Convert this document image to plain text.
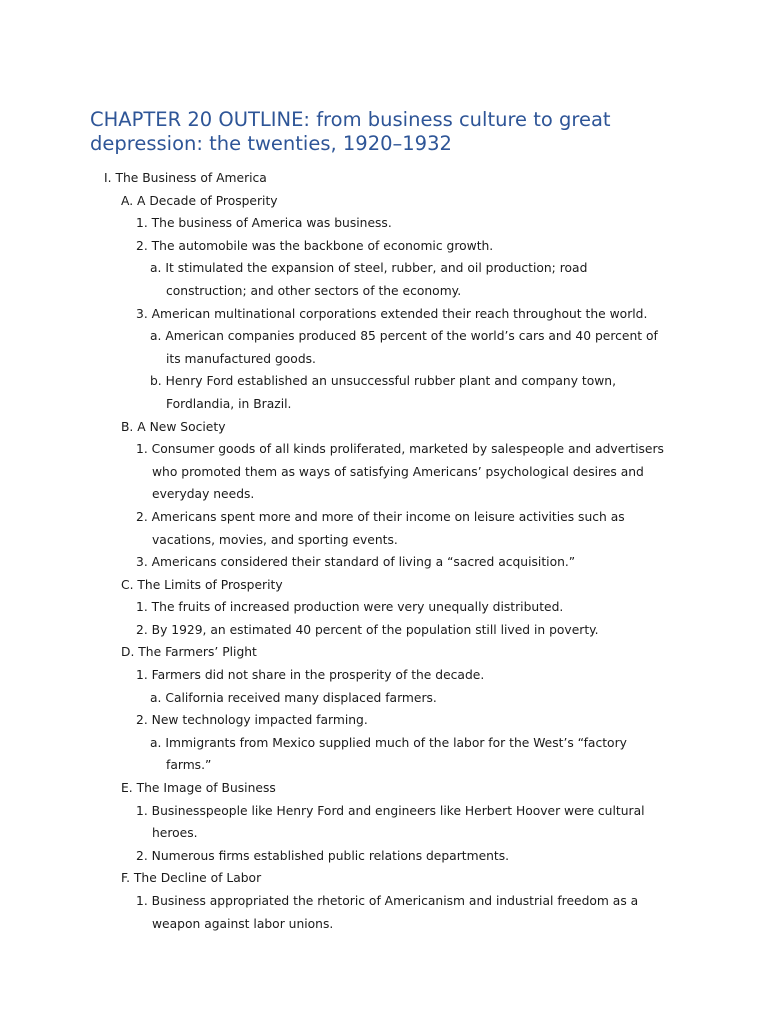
CHAPTER 20 OUTLINE: from business culture to great
depression: the twenties, 1920–1932
I. The Business of America
A. A Decade of Prosperity
1. The business of America was business.
2. The automobile was the backbone of economic growth.
a. It stimulated the expansion of steel, rubber, and oil production; road
construction; and other sectors of the economy.
3. American multinational corporations extended their reach throughout the world.
a. American companies produced 85 percent of the world’s cars and 40 percent of
its manufactured goods.
b. Henry Ford established an unsuccessful rubber plant and company town,
Fordlandia, in Brazil.
B. A New Society
1. Consumer goods of all kinds proliferated, marketed by salespeople and advertisers
who promoted them as ways of satisfying Americans’ psychological desires and
everyday needs.
2. Americans spent more and more of their income on leisure activities such as
vacations, movies, and sporting events.
3. Americans considered their standard of living a “sacred acquisition.”
C. The Limits of Prosperity
1. The fruits of increased production were very unequally distributed.
2. By 1929, an estimated 40 percent of the population still lived in poverty.
D. The Farmers’ Plight
1. Farmers did not share in the prosperity of the decade.
a. California received many displaced farmers.
2. New technology impacted farming.
a. Immigrants from Mexico supplied much of the labor for the West’s “factory
farms.”
E. The Image of Business
1. Businesspeople like Henry Ford and engineers like Herbert Hoover were cultural
heroes.
2. Numerous firms established public relations departments.
F. The Decline of Labor
1. Business appropriated the rhetoric of Americanism and industrial freedom as a
weapon against labor unions.
